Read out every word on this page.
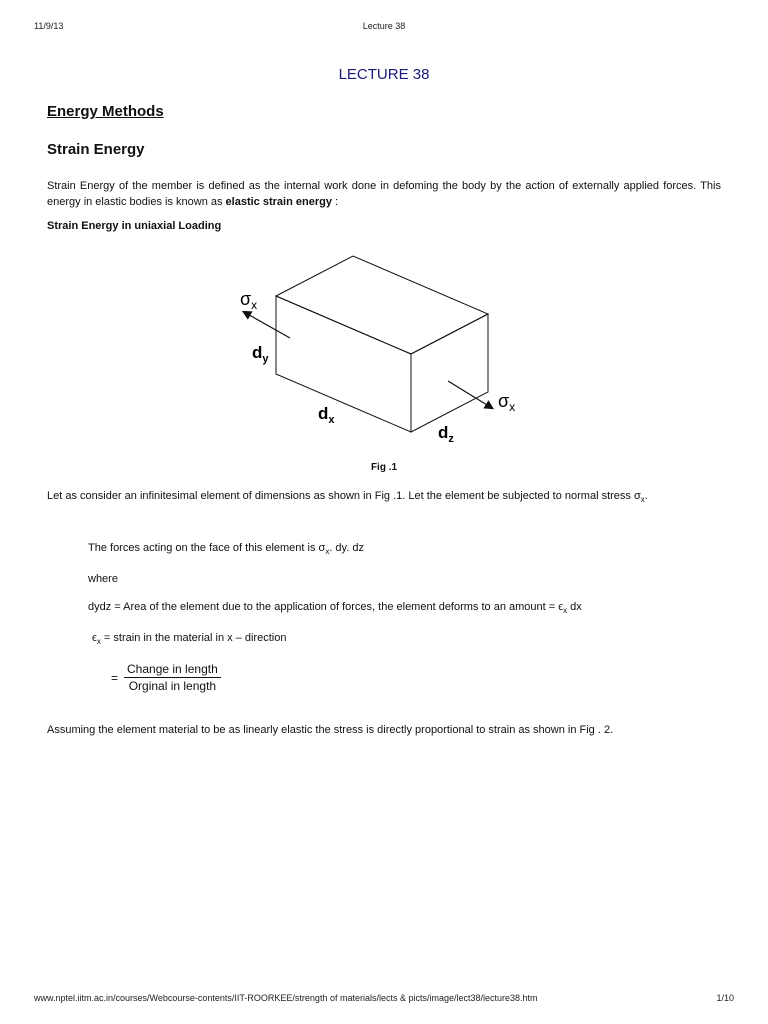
11/9/13	Lecture 38
LECTURE 38
Energy Methods
Strain Energy
Strain Energy of the member is defined as the internal work done in defoming the body by the action of externally applied forces. This energy in elastic bodies is known as elastic strain energy :
Strain Energy in uniaxial Loading
$\sigma_x$
$d_y$
$d_x$
$d_z$
$\sigma_x$
Fig .1
Let as consider an infinitesimal element of dimensions as shown in Fig .1. Let the element be subjected to normal stress $\sigma_x$.
The forces acting on the face of this element is $\sigma_x$. dy. dz
where
dydz = Area of the element due to the application of forces, the element deforms to an amount = $\epsilon_x$ dx
$\epsilon_x$ = strain in the material in x – direction
= $\frac{\text{Change in length}}{\text{Orginal in length}}$
Assuming the element material to be as linearly elastic the stress is directly proportional to strain as shown in Fig . 2.
www.nptel.iitm.ac.in/courses/Webcourse-contents/IIT-ROORKEE/strength of materials/lects & picts/image/lect38/lecture38.htm	1/10
